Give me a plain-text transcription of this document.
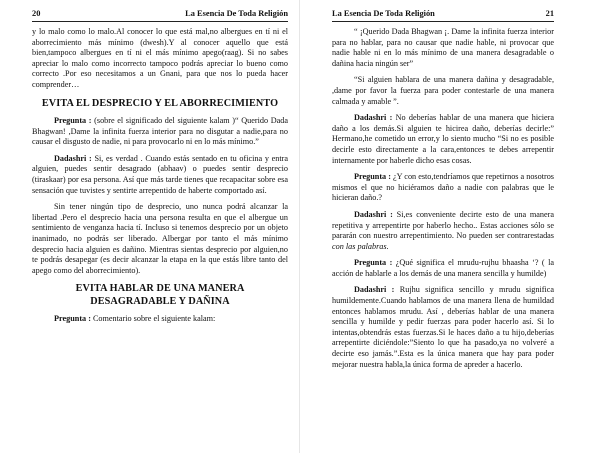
20	La Esencia De Toda Religión

y lo malo como lo malo.Al conocer lo que está mal,no albergues en tí ni el aborrecimiento más mínimo (dwesh).Y al conocer aquello que está bien,tampoco albergues en tí ni el más mínimo apego(raag). Si no sabes apreciar lo malo como incorrecto tampoco podrás apreciar lo bueno como correcto .Por eso necesitamos a un Gnani, para que nos lo pueda hacer comprender…

EVITA EL DESPRECIO Y EL ABORRECIMIENTO

Pregunta : (sobre el significado del siguiente kalam )“ Querido Dada Bhagwan! ,Dame la infinita fuerza interior para no disgutar a nadie,para no causar el disgusto de nadie, ni para provocarlo ni en lo más mínimo.”

Dadashri : Si, es verdad . Cuando estás sentado en tu oficina y entra alguien, puedes sentir desagrado (abhaav) o puedes sentir desprecio (tiraskaar) por esa persona. Así que más tarde tienes que recapacitar sobre esa sensación que tuvistes y sentirte arrepentido de haberte comportado así.

Sin tener ningún tipo de desprecio, uno nunca podrá alcanzar la libertad .Pero el desprecio hacia una persona resulta en que el albergue un sentimiento de venganza hacia tí. Incluso si tenemos desprecio por un objeto inanimado, no podrás ser liberado. Albergar por tanto el más mínimo desprecio hacia alguien es dañino. Mientras sientas desprecio por alguien,no te podrás desapegar (es decir alcanzar la etapa en la que estás libre tanto del apego como del aborrecimiento).

EVITA HABLAR DE UNA MANERA DESAGRADABLE Y DAÑINA

Pregunta : Comentario sobre el siguiente kalam:

La Esencia De Toda Religión	21

“ ¡Querido Dada Bhagwan ¡. Dame la infinita fuerza interior para no hablar, para no causar que nadie hable, ni provocar que nadie hable ni en lo más mínimo de una manera desagradable o dañina hacia ningún ser”

“Si alguien hablara de una manera dañina y desagradable, ,dame por favor la fuerza para poder contestarle de una manera calmada y amable ”.

Dadashri : No deberías hablar de una manera que hiciera daño a los demás.Si alguien te hicirea daño, deberías decirle:” Hermano,he cometido un error,y lo siento mucho “Si no es posible decirle esto directamente a la cara,entonces te debes arrepentir internamente por haberle dicho esas cosas.

Pregunta : ¿Y con esto,tendríamos que repetirnos a nosotros mismos el que no hiciéramos daño a nadie con palabras que le hicieran daño.?

Dadashri : Si,es conveniente decirte esto de una manera repetitiva y arrepentirte por haberlo hecho.. Estas acciones sólo se pararán con nuestro arrepentimiento. No pueden ser contrarestadas con las palabras.

Pregunta : ¿Qué significa el mrudu-rujhu bhaasha ‘? ( la acción de hablarle a los demás de una manera sencilla y humilde)

Dadashri : Rujhu significa sencillo y mrudu significa humildemente.Cuando hablamos de una manera llena de humildad entonces hablamos mrudu. Así , deberías hablar de una manera sencilla y humilde y pedir fuerzas para poder hacerlo así. Si lo intentas,obtendrás estas fuerzas.Si le haces daño a tu hijo,deberías arrepentirte diciéndole:”Siento lo que ha pasado,ya no volveré a decirte eso jamás.”.Esta es la única manera que hay para poder mejorar nuestra habla,la única forma de apreder a hacerlo.
